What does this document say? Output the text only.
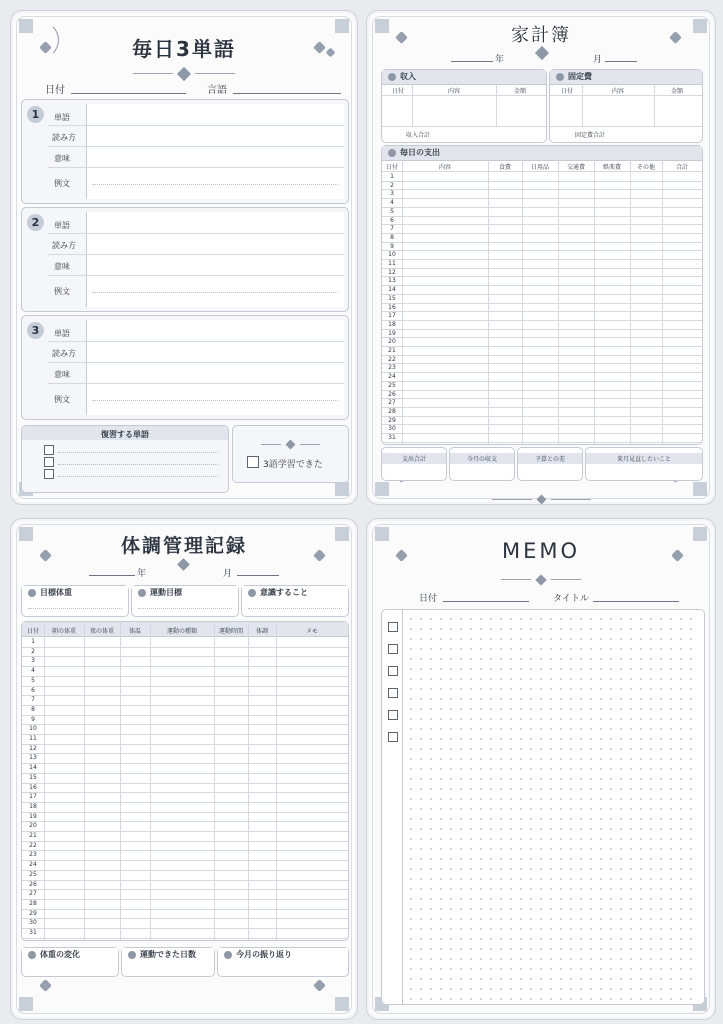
毎日3単語
日付	言語
1	単語
読み方
意味
例文
2	単語
読み方
意味
例文
3	単語
読み方
意味
例文
復習する単語
3語学習できた
家計簿
年	月
収入
日付	内容	金額
収入合計
固定費
日付	内容	金額
固定費合計
毎日の支出
日付	内容	食費	日用品	交通費	娯楽費	その他	合計
1
2
3
4
5
6
7
8
9
10
11
12
13
14
15
16
17
18
19
20
21
22
23
24
25
26
27
28
29
30
31
支出合計	今月の収支	予算との差	来月見直したいこと
体調管理記録
年	月
目標体重	運動目標	意識すること
日付	朝の体重	夜の体重	体温	運動の種類	運動時間	体調	メモ
1
2
3
4
5
6
7
8
9
10
11
12
13
14
15
16
17
18
19
20
21
22
23
24
25
26
27
28
29
30
31
体重の変化	運動できた日数	今月の振り返り
MEMO
日付	タイトル
